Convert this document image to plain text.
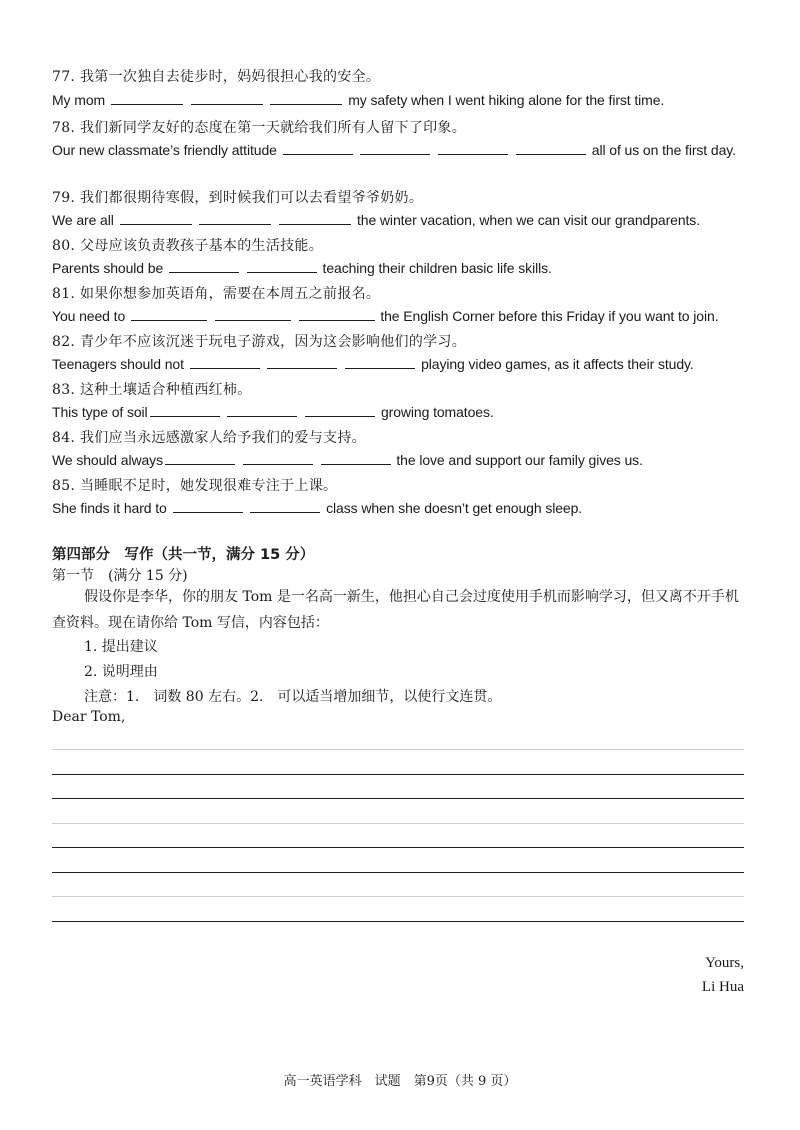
77. 我第一次独自去徒步时，妈妈很担心我的安全。
My mom	my safety when I went hiking alone for the first time.
78. 我们新同学友好的态度在第一天就给我们所有人留下了印象。
Our new classmate’s friendly attitude	all of us on the first day.
79. 我们都很期待寒假，到时候我们可以去看望爷爷奶奶。
We are all	the winter vacation, when we can visit our grandparents.
80. 父母应该负责教孩子基本的生活技能。
Parents should be	teaching their children basic life skills.
81. 如果你想参加英语角，需要在本周五之前报名。
You need to	the English Corner before this Friday if you want to join.
82. 青少年不应该沉迷于玩电子游戏，因为这会影响他们的学习。
Teenagers should not	playing video games, as it affects their study.
83. 这种土壤适合种植西红柿。
This type of soil	growing tomatoes.
84. 我们应当永远感激家人给予我们的爱与支持。
We should always	the love and support our family gives us.
85. 当睡眠不足时，她发现很难专注于上课。
She finds it hard to	class when she doesn’t get enough sleep.
第四部分　写作（共一节，满分 15 分）
第一节　(满分 15 分)
假设你是李华，你的朋友 Tom 是一名高一新生，他担心自己会过度使用手机而影响学习，但又离不开手机查资料。现在请你给 Tom 写信，内容包括：
1. 提出建议
2. 说明理由
注意：1.　词数 80 左右。2.　可以适当增加细节，以使行文连贯。
Dear Tom,
Yours,
Li Hua
高一英语学科　试题　第9页（共 9 页）
